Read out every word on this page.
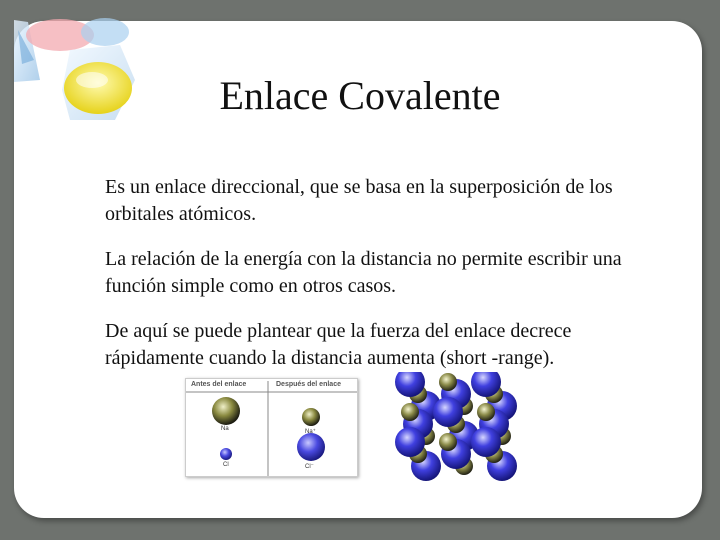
Enlace Covalente

Es un enlace direccional, que se basa en la superposición de los orbitales atómicos.

La relación de la energía con la distancia no permite escribir una función simple como en otros casos.

De aquí se puede plantear que la fuerza del enlace decrece rápidamente cuando la distancia aumenta (short -range).

Antes del enlace	Después del enlace
Na
Cl
Na⁺
Cl⁻
